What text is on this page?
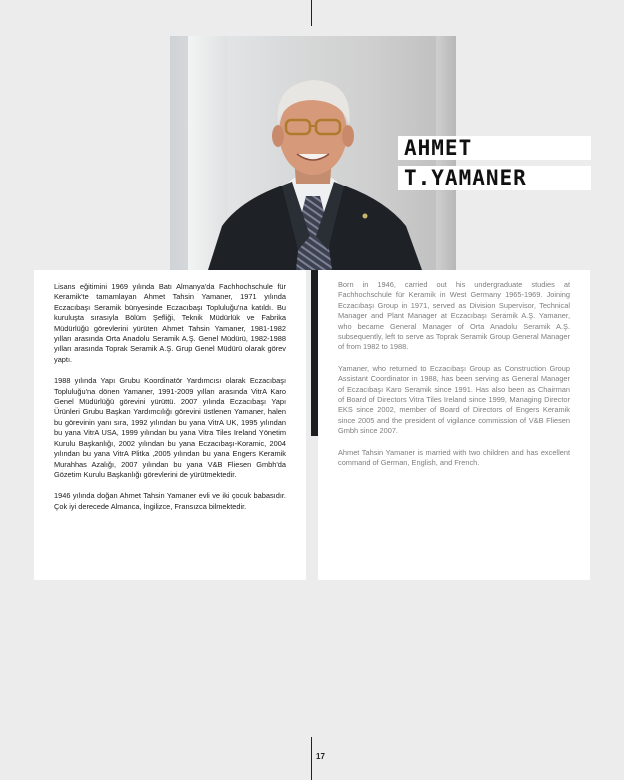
AHMET
T.YAMANER

Lisans eğitimini 1969 yılında Batı Almanya'da Fachhochschule für Keramik'te tamamlayan Ahmet Tahsin Yamaner, 1971 yılında Eczacıbaşı Seramik bünyesinde Eczacıbaşı Topluluğu'na katıldı. Bu kuruluşta sırasıyla Bölüm Şefliği, Teknik Müdürlük ve Fabrika Müdürlüğü görevlerini yürüten Ahmet Tahsin Yamaner, 1981-1982 yılları arasında Orta Anadolu Seramik A.Ş. Genel Müdürü, 1982-1988 yılları arasında Toprak Seramik A.Ş. Grup Genel Müdürü olarak görev yaptı.

1988 yılında Yapı Grubu Koordinatör Yardımcısı olarak Eczacıbaşı Topluluğu'na dönen Yamaner, 1991-2009 yılları arasında VitrA Karo Genel Müdürlüğü görevini yürüttü. 2007 yılında Eczacıbaşı Yapı Ürünleri Grubu Başkan Yardımcılığı görevini üstlenen Yamaner, halen bu görevinin yanı sıra, 1992 yılından bu yana VitrA UK, 1995 yılından bu yana VitrA USA, 1999 yılından bu yana Vitra Tiles Ireland Yönetim Kurulu Başkanlığı, 2002 yılından bu yana Eczacıbaşı-Koramic, 2004 yılından bu yana VitrA Plitka ,2005 yılından bu yana Engers Keramik Murahhas Azalığı, 2007 yılından bu yana V&B Fliesen Gmbh'da Gözetim Kurulu Başkanlığı görevlerini de yürütmektedir.

1946 yılında doğan Ahmet Tahsin Yamaner evli ve iki çocuk babasıdır. Çok iyi derecede Almanca, İngilizce, Fransızca bilmektedir.

Born in 1946, carried out his undergraduate studies at Fachhochschule für Keramik in West Germany 1965-1969. Joining Eczacıbaşı Group in 1971, served as Division Supervisor, Technical Manager and Plant Manager at Eczacıbaşı Seramik A.Ş. Yamaner, who became General Manager of Orta Anadolu Seramik A.Ş. subsequently, left to serve as Toprak Seramik Group General Manager of from 1982 to 1988.

Yamaner, who returned to Eczacıbaşı Group as Construction Group Assistant Coordinator in 1988, has been serving as General Manager of Eczacıbaşı Karo Seramik since 1991. Has also been as Chairman of Board of Directors Vitra Tiles Ireland since 1999, Managing Director EKS since 2002, member of Board of Directors of Engers Keramik since 2005 and the president of vigilance commission of V&B Fliesen Gmbh since 2007.

Ahmet Tahsin Yamaner is married with two children and has excellent command of German, English, and French.

17
